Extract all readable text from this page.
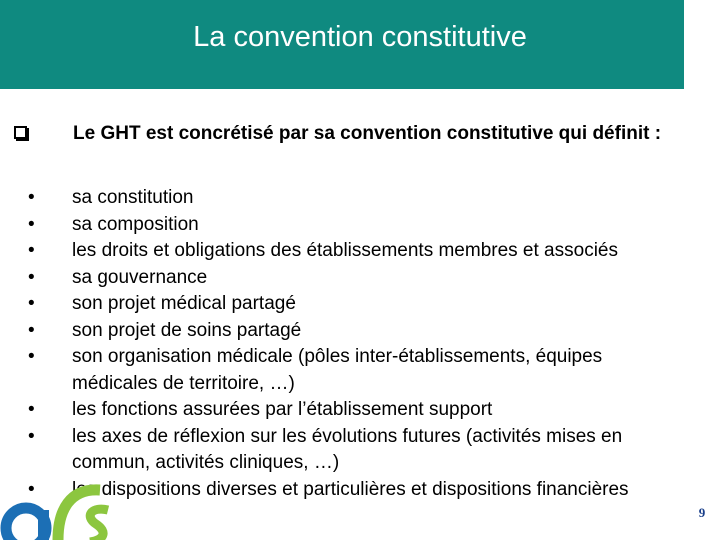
La convention constitutive
Le GHT est concrétisé par sa convention constitutive qui définit :
•	sa constitution
•	sa composition
•	les droits et obligations des établissements membres et associés
•	sa gouvernance
•	son projet médical partagé
•	son projet de soins partagé
•	son organisation médicale (pôles inter-établissements, équipes médicales de territoire, …)
•	les fonctions assurées par l’établissement support
•	les axes de réflexion sur les évolutions futures (activités mises en commun, activités cliniques, …)
•	les dispositions diverses et particulières et dispositions financières
9
